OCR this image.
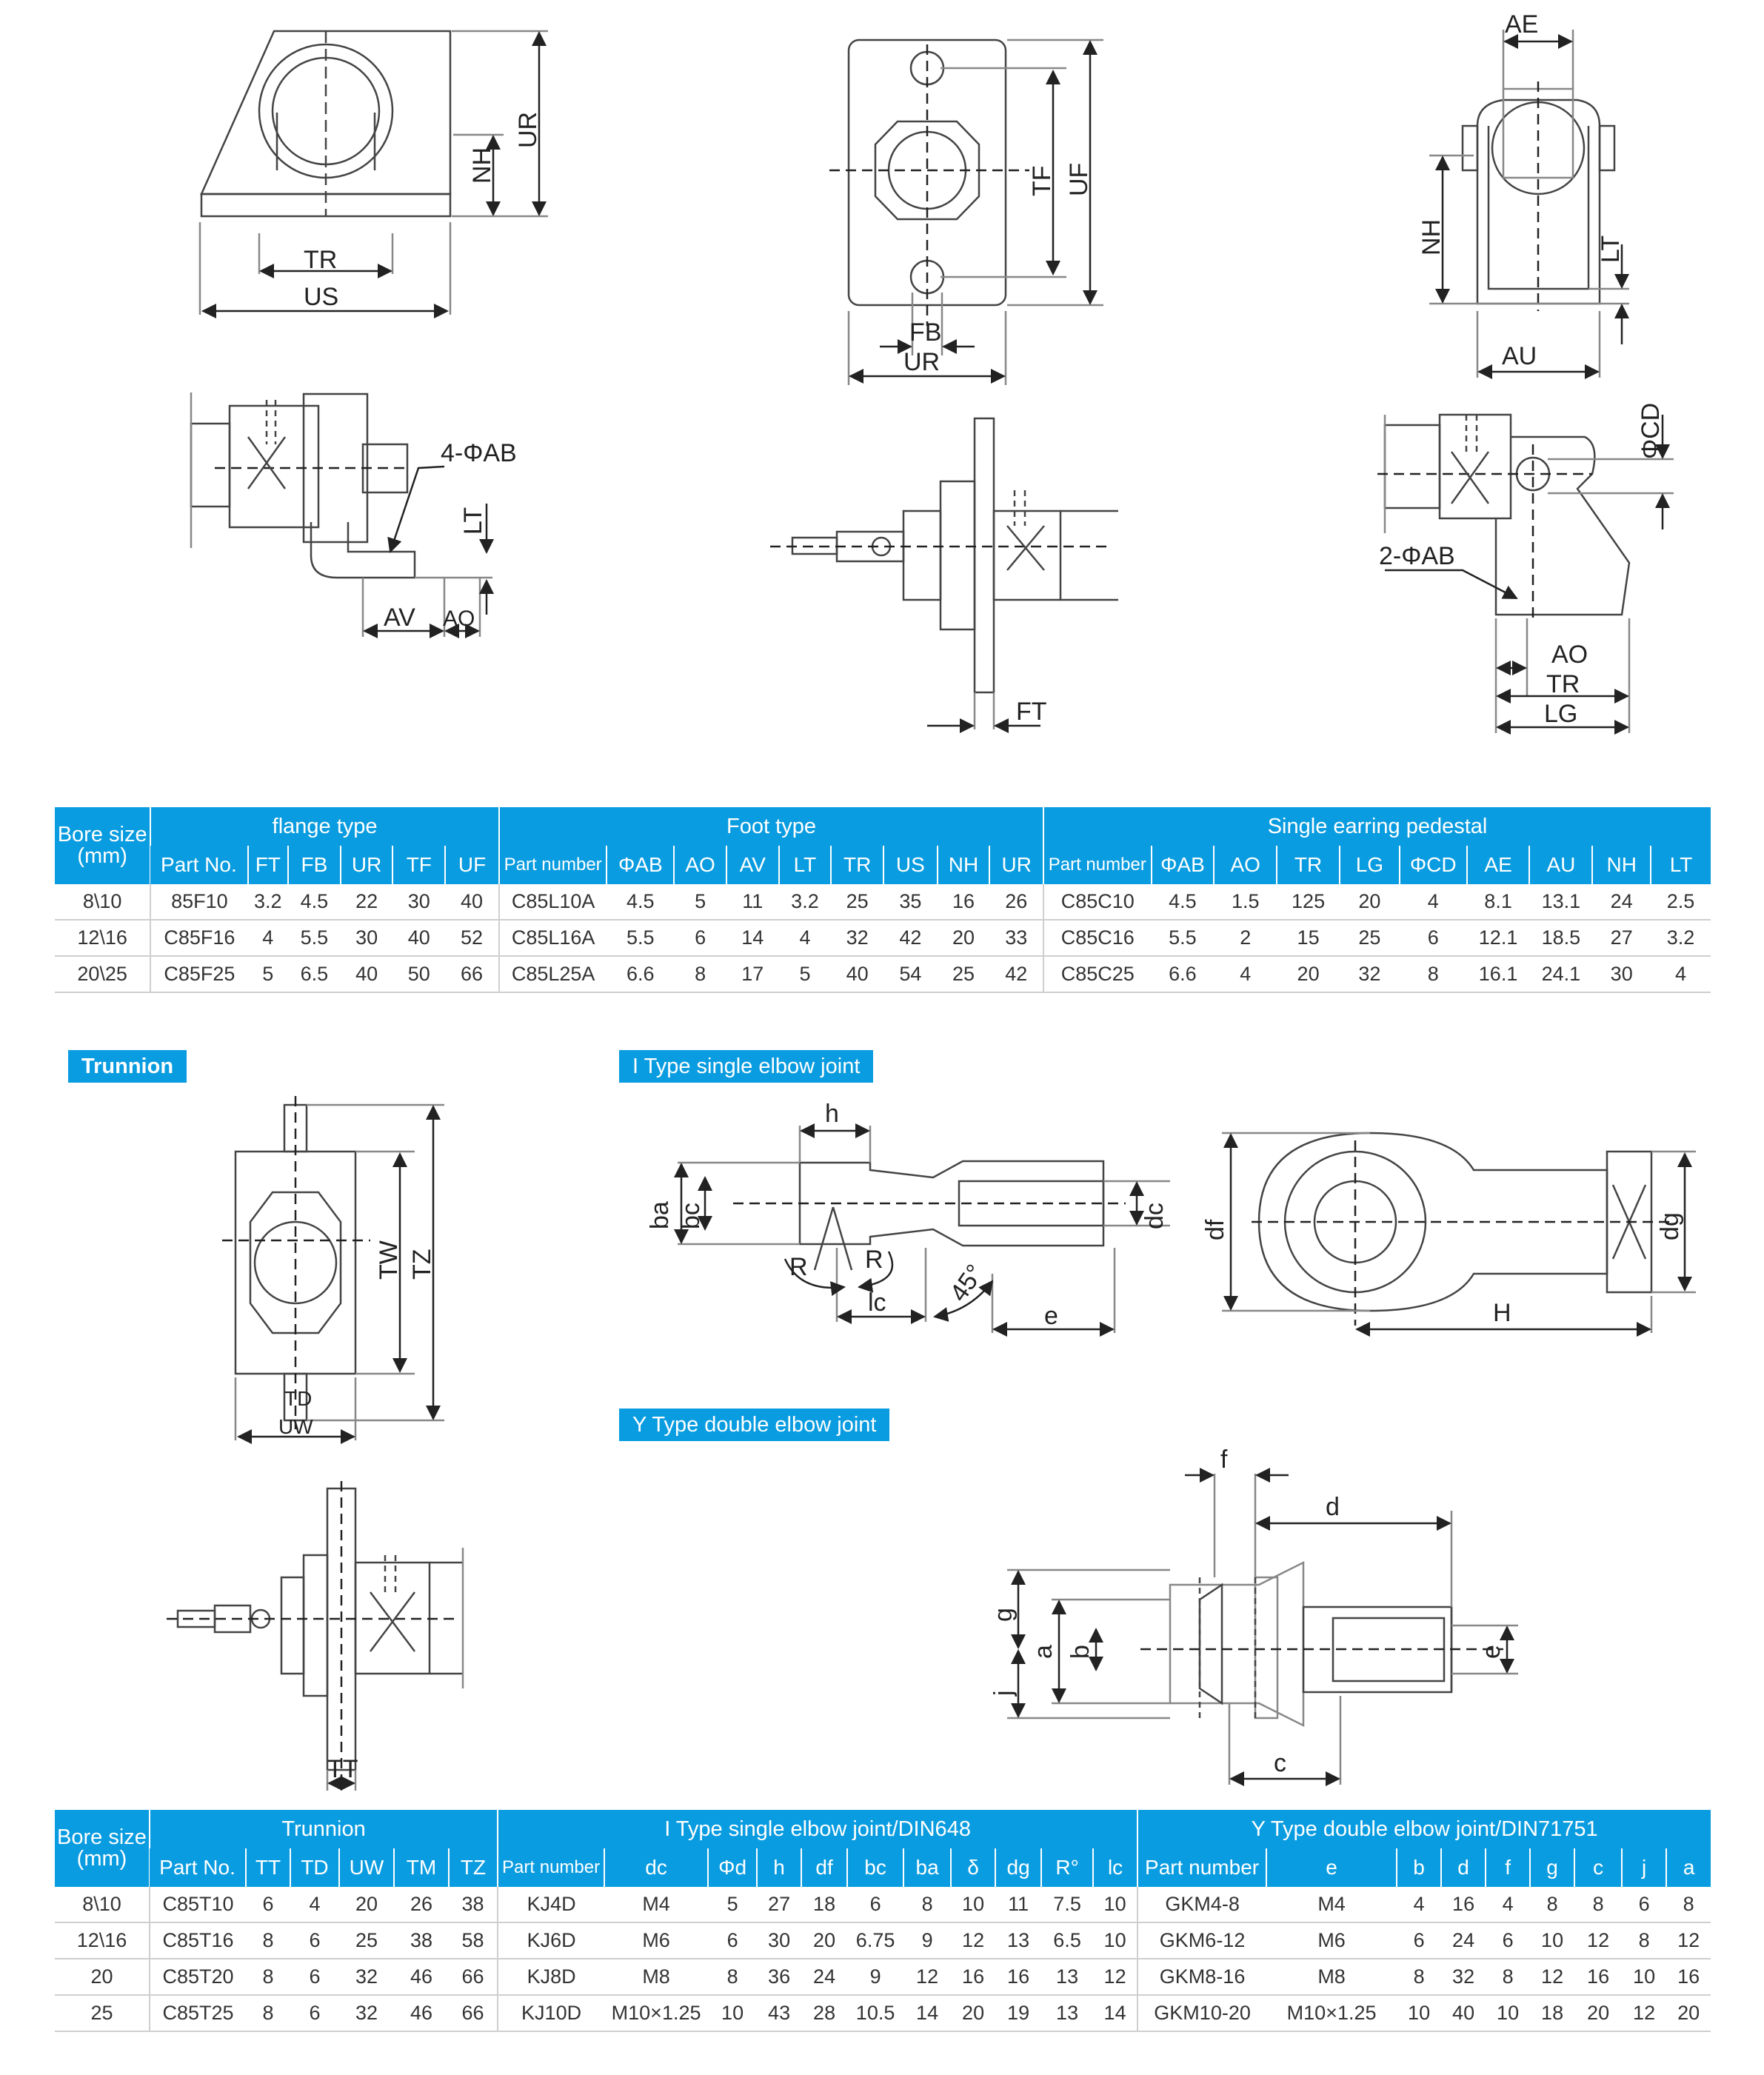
TR
US
NH
UR
4-ΦAB
LT
AV AO
TF UF
FB
UR
FT
AE
NH	LT
AU
ΦCD
2-ΦAB
AO
TR
LG
TW TZ
TD
UW
TT
h
ba bc	dc
R R
lc 45°
e
df	dg
H
f
d
g
a b	e
j
c
Bore size
(mm)	flange type						Foot type									Single earring pedestal									
	Part No.	FT	FB	UR	TF	UF	Part number	ΦAB	AO	AV	LT	TR	US	NH	UR	Part number	ΦAB	AO	TR	LG	ΦCD	AE	AU	NH	LT
8\10	85F10	3.2	4.5	22	30	40	C85L10A	4.5	5	11	3.2	25	35	16	26	C85C10	4.5	1.5	125	20	4	8.1	13.1	24	2.5
12\16	C85F16	4	5.5	30	40	52	C85L16A	5.5	6	14	4	32	42	20	33	C85C16	5.5	2	15	25	6	12.1	18.5	27	3.2
20\25	C85F25	5	6.5	40	50	66	C85L25A	6.6	8	17	5	40	54	25	42	C85C25	6.6	4	20	32	8	16.1	24.1	30	4
Trunnion	I Type single elbow joint
Y Type double elbow joint
Bore size
(mm)	Trunnion						I Type single elbow joint/DIN648											Y Type double elbow joint/DIN71751								
	Part No.	TT	TD	UW	TM	TZ	Part number	dc	Φd	h	df	bc	ba	δ	dg	R°	lc	Part number	e	b	d	f	g	c	j	a
8\10	C85T10	6	4	20	26	38	KJ4D	M4	5	27	18	6	8	10	11	7.5	10	GKM4-8	M4	4	16	4	8	8	6	8
12\16	C85T16	8	6	25	38	58	KJ6D	M6	6	30	20	6.75	9	12	13	6.5	10	GKM6-12	M6	6	24	6	10	12	8	12
20	C85T20	8	6	32	46	66	KJ8D	M8	8	36	24	9	12	16	16	13	12	GKM8-16	M8	8	32	8	12	16	10	16
25	C85T25	8	6	32	46	66	KJ10D	M10×1.25	10	43	28	10.5	14	20	19	13	14	GKM10-20	M10×1.25	10	40	10	18	20	12	20
